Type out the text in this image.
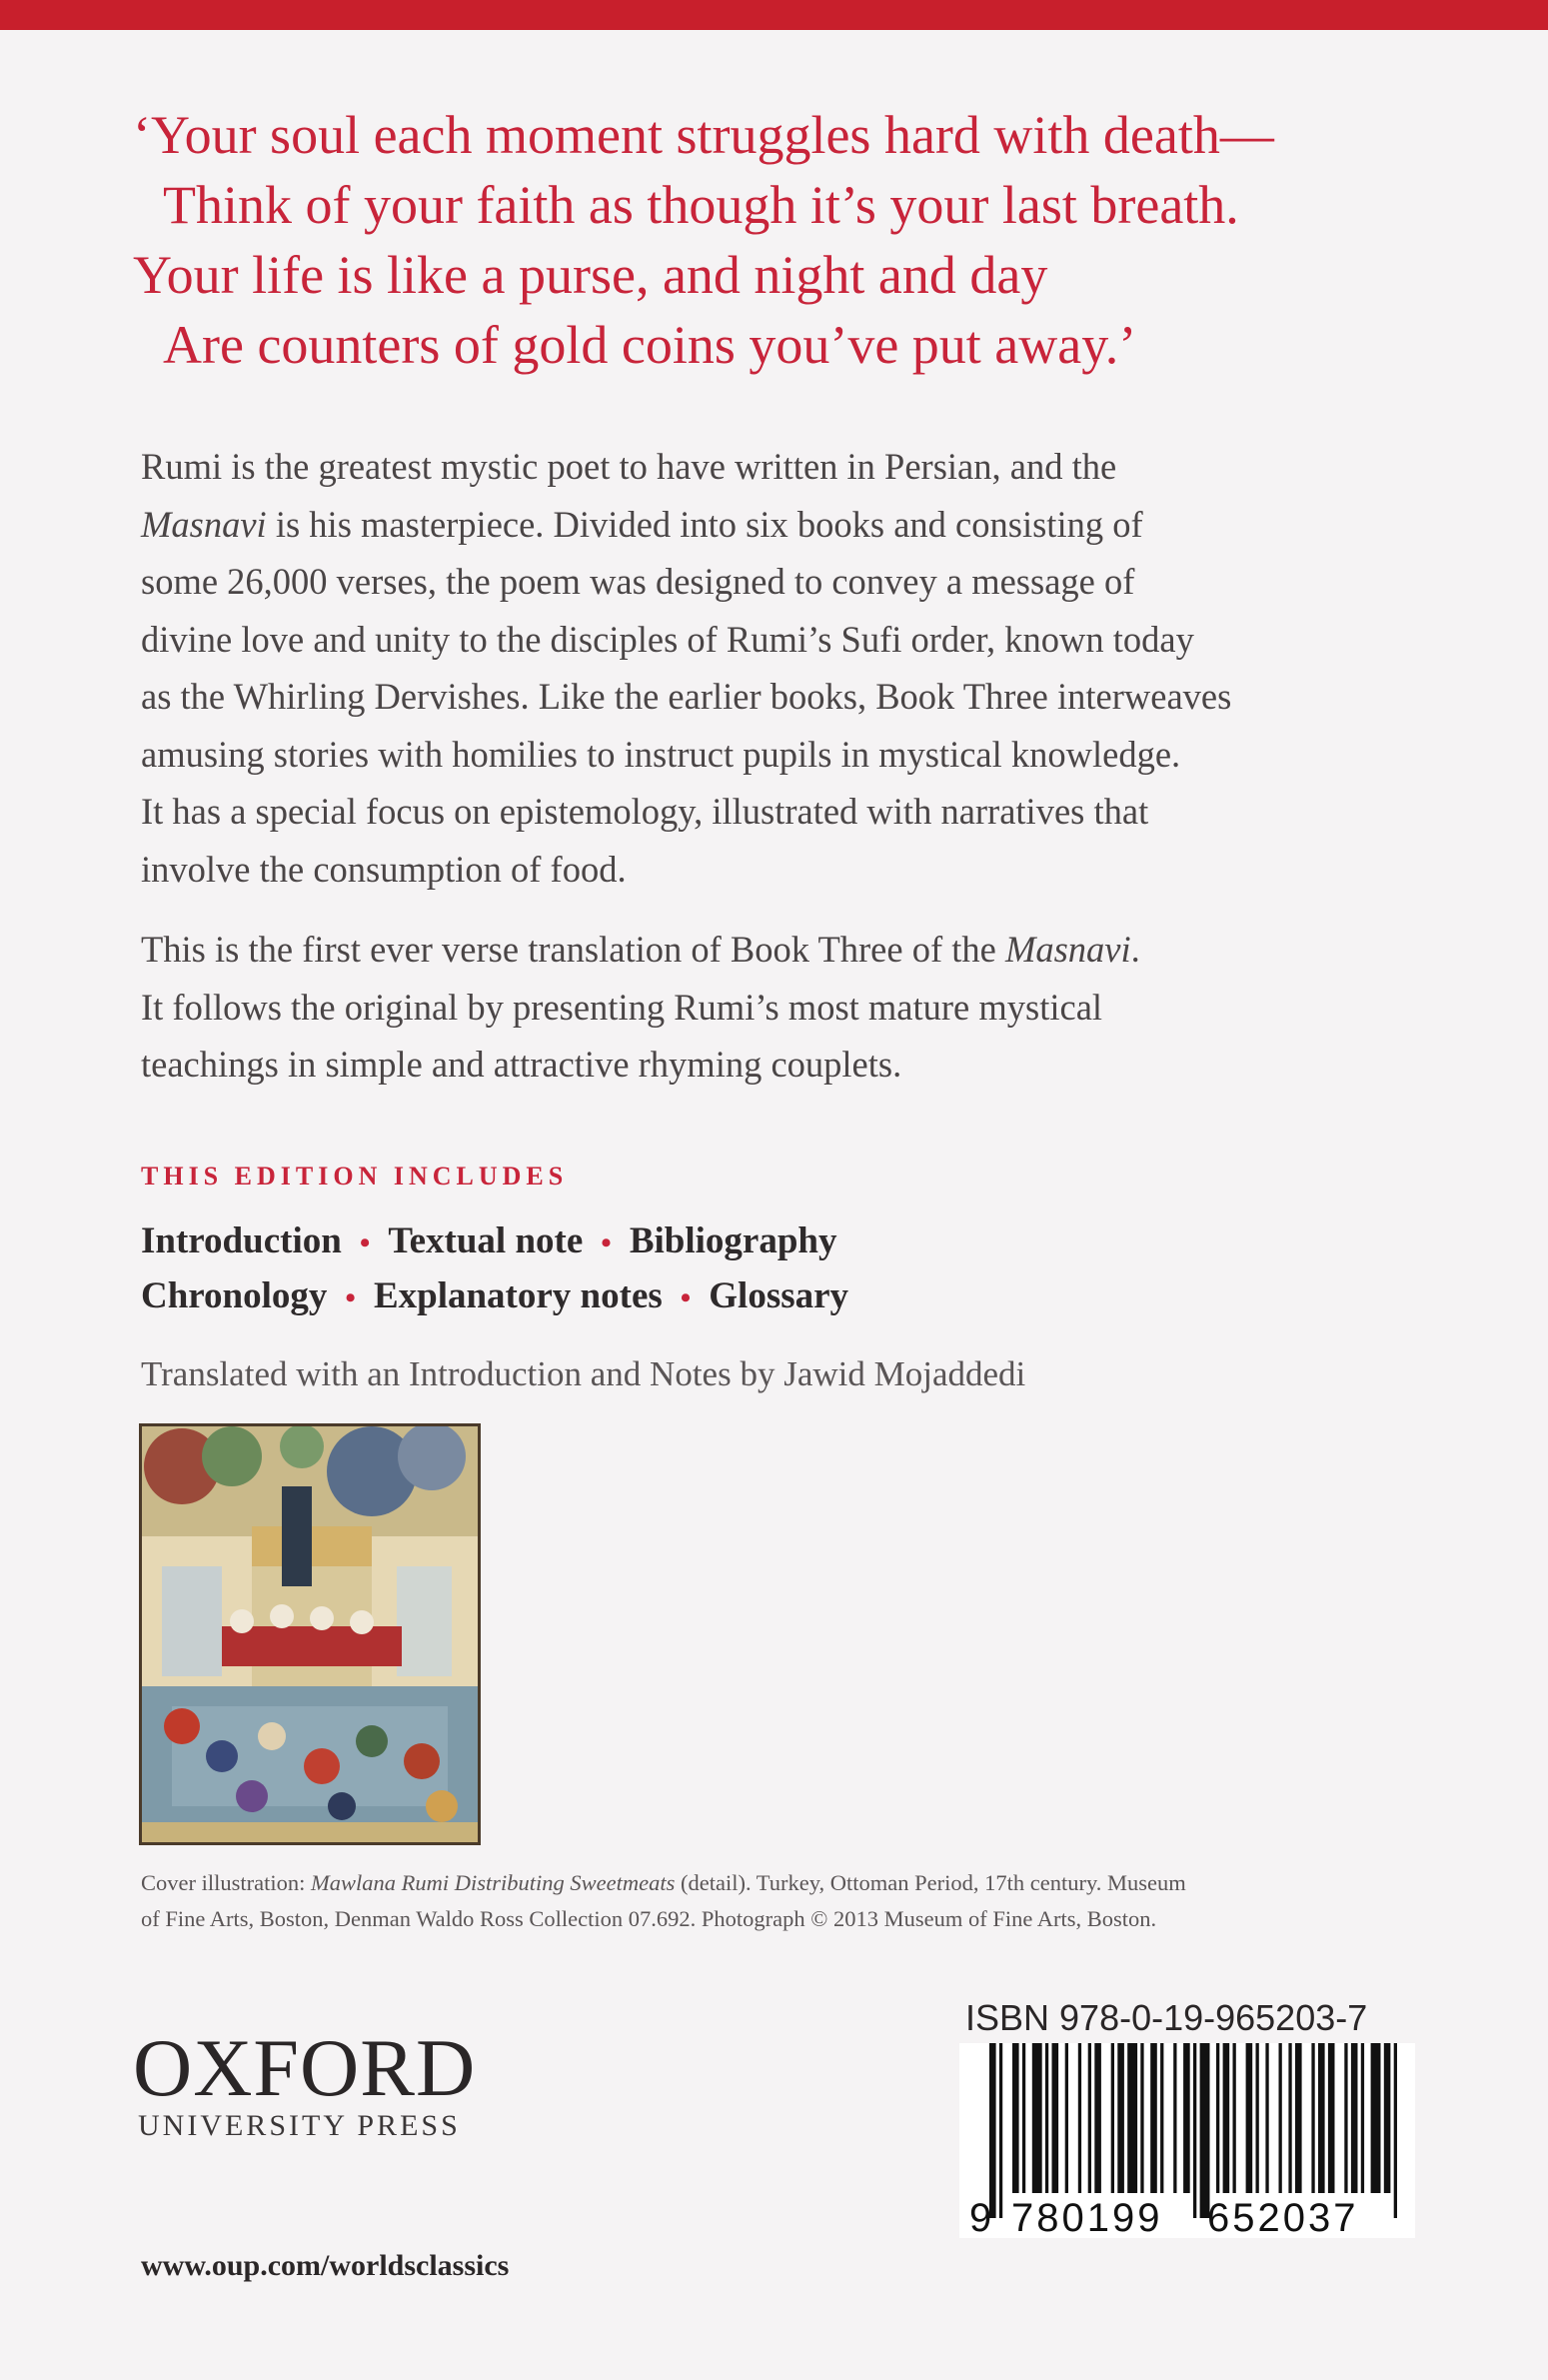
‘Your soul each moment struggles hard with death—
Think of your faith as though it’s your last breath.
Your life is like a purse, and night and day
Are counters of gold coins you’ve put away.’
Rumi is the greatest mystic poet to have written in Persian, and the
Masnavi is his masterpiece. Divided into six books and consisting of
some 26,000 verses, the poem was designed to convey a message of
divine love and unity to the disciples of Rumi’s Sufi order, known today
as the Whirling Dervishes. Like the earlier books, Book Three interweaves
amusing stories with homilies to instruct pupils in mystical knowledge.
It has a special focus on epistemology, illustrated with narratives that
involve the consumption of food.
This is the first ever verse translation of Book Three of the Masnavi.
It follows the original by presenting Rumi’s most mature mystical
teachings in simple and attractive rhyming couplets.
THIS EDITION INCLUDES
Introduction • Textual note • Bibliography
Chronology • Explanatory notes • Glossary
Translated with an Introduction and Notes by Jawid Mojaddedi
Cover illustration: Mawlana Rumi Distributing Sweetmeats (detail). Turkey, Ottoman Period, 17th century. Museum
of Fine Arts, Boston, Denman Waldo Ross Collection 07.692. Photograph © 2013 Museum of Fine Arts, Boston.
OXFORD
UNIVERSITY PRESS
www.oup.com/worldsclassics
ISBN 978-0-19-965203-7
9 780199 652037
